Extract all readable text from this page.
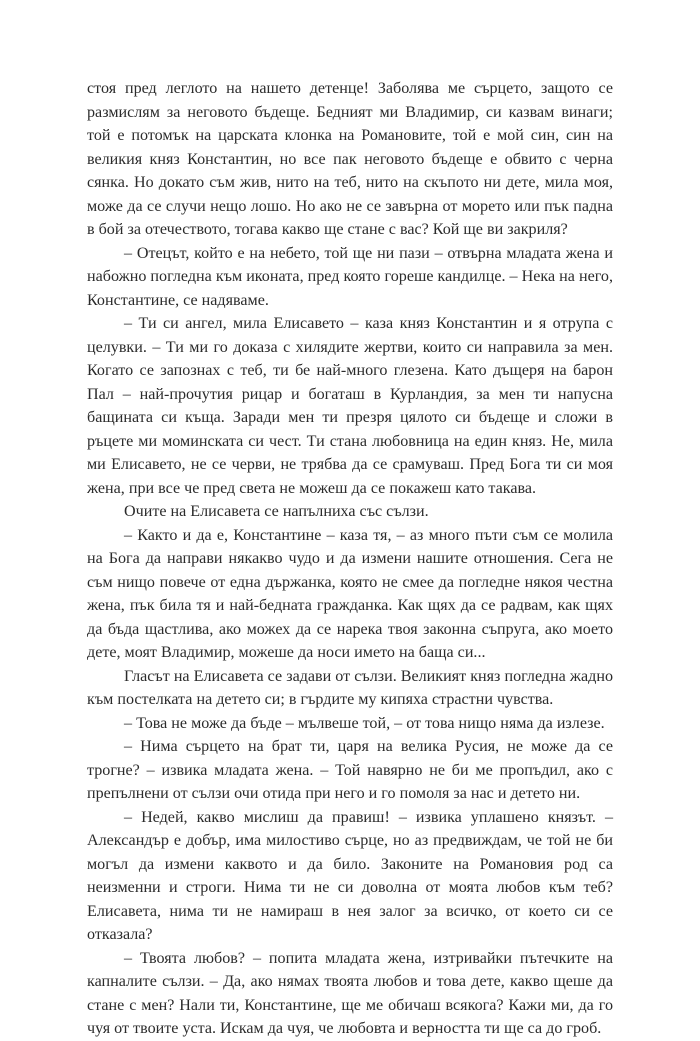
стоя пред леглото на нашето детенце! Заболява ме сърцето, защото се размислям за неговото бъдеще. Бедният ми Владимир, си казвам винаги; той е потомък на царската клонка на Романовите, той е мой син, син на великия княз Константин, но все пак неговото бъдеще е обвито с черна сянка. Но докато съм жив, нито на теб, нито на скъпото ни дете, мила моя, може да се случи нещо лошо. Но ако не се завърна от морето или пък падна в бой за отечеството, тогава какво ще стане с вас? Кой ще ви закриля?

– Отецът, който е на небето, той ще ни пази – отвърна младата жена и набожно погледна към иконата, пред която гореше кандилце. – Нека на него, Константине, се надяваме.

– Ти си ангел, мила Елисавето – каза княз Константин и я отрупа с целувки. – Ти ми го доказа с хилядите жертви, които си направила за мен. Когато се запознах с теб, ти бе най-много глезена. Като дъщеря на барон Пал – най-прочутия рицар и богаташ в Курландия, за мен ти напусна бащината си къща. Заради мен ти презря цялото си бъдеще и сложи в ръцете ми моминската си чест. Ти стана любовница на един княз. Не, мила ми Елисавето, не се черви, не трябва да се срамуваш. Пред Бога ти си моя жена, при все че пред света не можеш да се покажеш като такава.

Очите на Елисавета се напълниха със сълзи.

– Както и да е, Константине – каза тя, – аз много пъти съм се молила на Бога да направи някакво чудо и да измени нашите отношения. Сега не съм нищо повече от една държанка, която не смее да погледне някоя честна жена, пък била тя и най-бедната гражданка. Как щях да се радвам, как щях да бъда щастлива, ако можех да се нарека твоя законна съпруга, ако моето дете, моят Владимир, можеше да носи името на баща си...

Гласът на Елисавета се задави от сълзи. Великият княз погледна жадно към постелката на детето си; в гърдите му кипяха страстни чувства.

– Това не може да бъде – мълвеше той, – от това нищо няма да излезе.

– Нима сърцето на брат ти, царя на велика Русия, не може да се трогне? – извика младата жена. – Той навярно не би ме пропъдил, ако с препълнени от сълзи очи отида при него и го помоля за нас и детето ни.

– Недей, какво мислиш да правиш! – извика уплашено князът. – Александър е добър, има милостиво сърце, но аз предвиждам, че той не би могъл да измени каквото и да било. Законите на Романовия род са неизменни и строги. Нима ти не си доволна от моята любов към теб? Елисавета, нима ти не намираш в нея залог за всичко, от което си се отказала?

– Твоята любов? – попита младата жена, изтривайки пътечките на капналите сълзи. – Да, ако нямах твоята любов и това дете, какво щеше да стане с мен? Нали ти, Константине, ще ме обичаш всякога? Кажи ми, да го чуя от твоите уста. Искам да чуя, че любовта и верността ти ще са до гроб.
